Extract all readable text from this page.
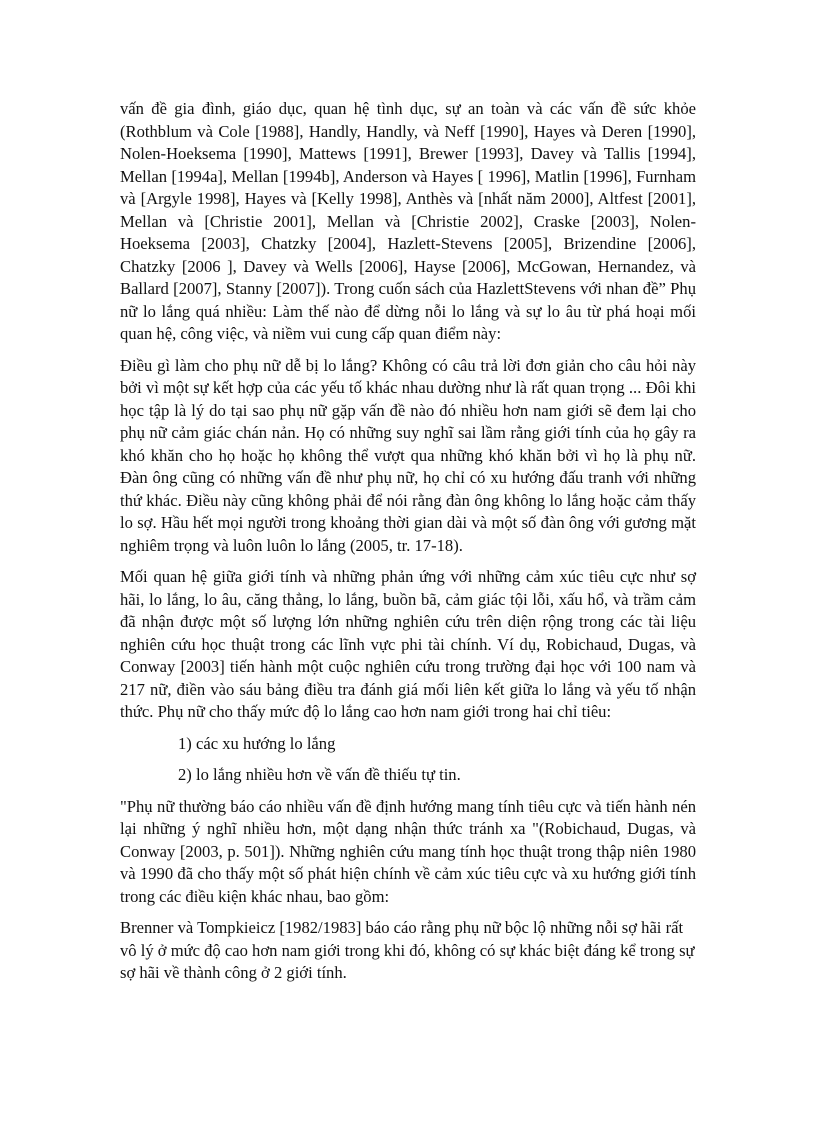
vấn đề gia đình, giáo dục, quan hệ tình dục, sự an toàn và các vấn đề sức khỏe (Rothblum và Cole [1988], Handly, Handly, và Neff [1990], Hayes và Deren [1990], Nolen-Hoeksema [1990], Mattews [1991], Brewer [1993], Davey và Tallis [1994], Mellan [1994a], Mellan [1994b], Anderson và Hayes [ 1996], Matlin [1996], Furnham và [Argyle 1998], Hayes và [Kelly 1998], Anthès và [nhất năm 2000], Altfest [2001], Mellan và [Christie 2001], Mellan và [Christie 2002], Craske [2003], Nolen-Hoeksema [2003], Chatzky [2004], Hazlett-Stevens [2005], Brizendine [2006], Chatzky [2006 ], Davey và Wells [2006], Hayse [2006], McGowan, Hernandez, và Ballard [2007], Stanny [2007]). Trong cuốn sách của HazlettStevens với nhan đề” Phụ nữ lo lắng quá nhiều: Làm thế nào để dừng nỗi lo lắng và sự lo âu từ phá hoại mối quan hệ, công việc, và niềm vui cung cấp quan điểm này:

Điều gì làm cho phụ nữ dễ bị lo lắng? Không có câu trả lời đơn giản cho câu hỏi này bởi vì một sự kết hợp của các yếu tố khác nhau dường như là rất quan trọng ... Đôi khi học tập là lý do tại sao phụ nữ gặp vấn đề nào đó nhiều hơn nam giới sẽ đem lại cho phụ nữ cảm giác chán nản. Họ có những suy nghĩ sai lầm rằng giới tính của họ gây ra khó khăn cho họ hoặc họ không thể vượt qua những khó khăn bởi vì họ là phụ nữ. Đàn ông cũng có những vấn đề như phụ nữ, họ chỉ có xu hướng đấu tranh với những thứ khác. Điều này cũng không phải để nói rằng đàn ông không lo lắng hoặc cảm thấy lo sợ. Hầu hết mọi người trong khoảng thời gian dài và một số đàn ông với gương mặt nghiêm trọng và luôn luôn lo lắng (2005, tr. 17-18).

Mối quan hệ giữa giới tính và những phản ứng với những cảm xúc tiêu cực như sợ hãi, lo lắng, lo âu, căng thẳng, lo lắng, buồn bã, cảm giác tội lỗi, xấu hổ, và trầm cảm đã nhận được một số lượng lớn những nghiên cứu trên diện rộng trong các tài liệu nghiên cứu học thuật trong các lĩnh vực phi tài chính. Ví dụ, Robichaud, Dugas, và Conway [2003] tiến hành một cuộc nghiên cứu trong trường đại học với 100 nam và 217 nữ, điền vào sáu bảng điều tra đánh giá mối liên kết giữa lo lắng và yếu tố nhận thức. Phụ nữ cho thấy mức độ lo lắng cao hơn nam giới trong hai chỉ tiêu:

1) các xu hướng lo lắng

2) lo lắng nhiều hơn về vấn đề thiếu tự tin.

"Phụ nữ thường báo cáo nhiều vấn đề định hướng mang tính tiêu cực và tiến hành nén lại những ý nghĩ nhiều hơn, một dạng nhận thức tránh xa "(Robichaud, Dugas, và Conway [2003, p. 501]). Những nghiên cứu mang tính học thuật trong thập niên 1980 và 1990 đã cho thấy một số phát hiện chính về cảm xúc tiêu cực và xu hướng giới tính trong các điều kiện khác nhau, bao gồm:

Brenner và Tompkieicz [1982/1983] báo cáo rằng phụ nữ bộc lộ những nỗi sợ hãi rất vô lý ở mức độ cao hơn nam giới trong khi đó, không có sự khác biệt đáng kể trong sự sợ hãi về thành công ở 2 giới tính.
